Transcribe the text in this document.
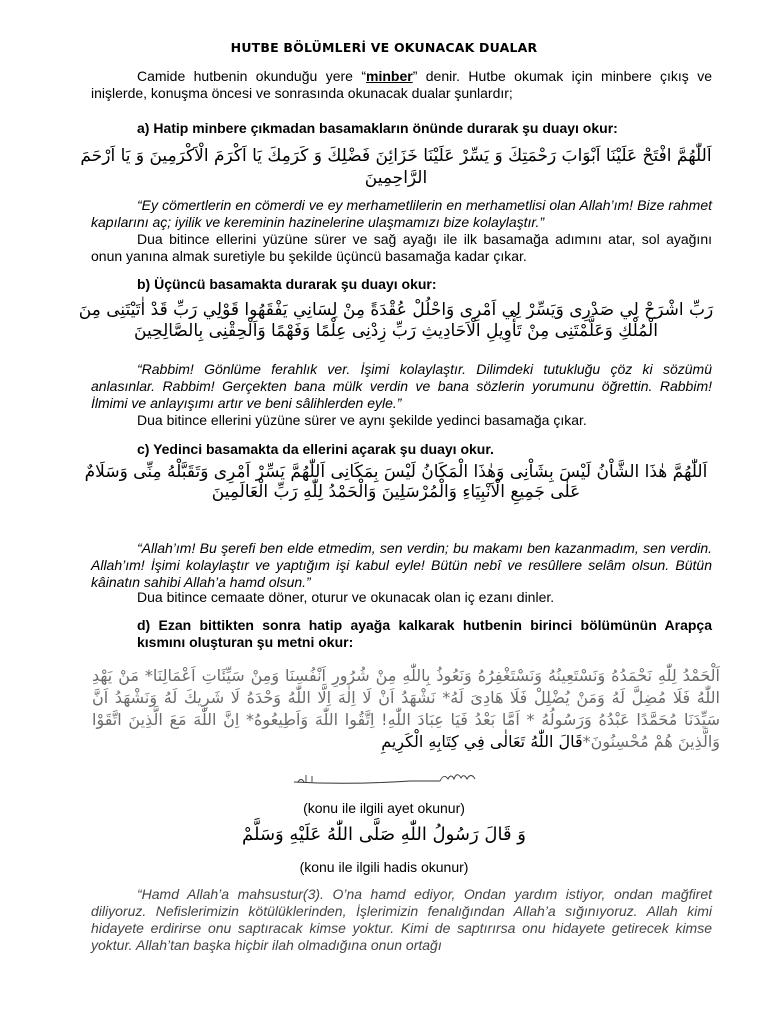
HUTBE BÖLÜMLERİ VE OKUNACAK DUALAR
Camide hutbenin okunduğu yere “minber” denir. Hutbe okumak için minbere çıkış ve inişlerde, konuşma öncesi ve sonrasında okunacak dualar şunlardır;
a) Hatip minbere çıkmadan basamakların önünde durarak şu duayı okur:
اَللّٰهُمَّ افْتَحْ عَلَيْنَا اَبْوَابَ رَحْمَتِكَ وَ يَسِّرْ عَلَيْنَا خَزَائِنَ فَضْلِكَ وَ كَرَمِكَ يَا اَكْرَمَ الْاَكْرَمِينَ وَ يَا اَرْحَمَ الرَّاحِمِينَ
“Ey cömertlerin en cömerdi ve ey merhametlilerin en merhametlisi olan Allah’ım! Bize rahmet kapılarını aç; iyilik ve kereminin hazinelerine ulaşmamızı bize kolaylaştır.”
Dua bitince ellerini yüzüne sürer ve sağ ayağı ile ilk basamağa adımını atar, sol ayağını onun yanına almak suretiyle bu şekilde üçüncü basamağa kadar çıkar.
b) Üçüncü basamakta durarak şu duayı okur:
رَبِّ اشْرَحْ لِي صَدْرِى وَيَسِّرْ لِي اَمْرِى وَاحْلُلْ عُقْدَةً مِنْ لِسَانِي يَفْقَهُوا قَوْلِي رَبِّ قَدْ اٰتَيْتَنِى مِنَ الْمُلْكِ وَعَلَّمْتَنِى مِنْ تَأْوِيلِ الْاَحَادِيثِ رَبِّ زِدْنِى عِلْمًا وَفَهْمًا وَاَلْحِقْنِى بِالصَّالِحِينَ
“Rabbim! Gönlüme ferahlık ver. İşimi kolaylaştır. Dilimdeki tutukluğu çöz ki sözümü anlasınlar. Rabbim! Gerçekten bana mülk verdin ve bana sözlerin yorumunu öğrettin. Rabbim! İlmimi ve anlayışımı artır ve beni sâlihlerden eyle.”
Dua bitince ellerini yüzüne sürer ve aynı şekilde yedinci basamağa çıkar.
c) Yedinci basamakta da ellerini açarak şu duayı okur.
اَللّٰهُمَّ هٰذَا الشَّاْنُ لَيْسَ بِشَاْنِى وَهٰذَا الْمَكَانُ لَيْسَ بِمَكَانِى اَللّٰهُمَّ يَسِّرْ اَمْرِى وَتَقَبَّلْهُ مِنِّى وَسَلَامٌ عَلٰى جَمِيعِ الْاَنْبِيَاءِ وَالْمُرْسَلِينَ وَالْحَمْدُ لِلّٰهِ رَبِّ الْعَالَمِينَ
“Allah’ım! Bu şerefi ben elde etmedim, sen verdin; bu makamı ben kazanmadım, sen verdin. Allah’ım! İşimi kolaylaştır ve yaptığım işi kabul eyle! Bütün nebî ve resûllere selâm olsun. Bütün kâinatın sahibi Allah’a hamd olsun.”
Dua bitince cemaate döner, oturur ve okunacak olan iç ezanı dinler.
d) Ezan bittikten sonra hatip ayağa kalkarak hutbenin birinci bölümünün Arapça kısmını oluşturan şu metni okur:
اَلْحَمْدُ لِلّٰهِ نَحْمَدُهُ وَنَسْتَعِينُهُ وَنَسْتَغْفِرُهُ وَنَعُوذُ بِاللّٰهِ مِنْ شُرُورِ اَنْفُسِنَا وَمِنْ سَيِّئَاتِ اَعْمَالِنَا* مَنْ يَهْدِ اللّٰهُ فَلَا مُضِلَّ لَهُ وَمَنْ يُضْلِلْ فَلَا هَادِىَ لَهُ* نَشْهَدُ اَنْ لَا اِلٰهَ اِلَّا اللّٰهُ وَحْدَهُ لَا شَرِيكَ لَهُ وَنَشْهَدُ اَنَّ سَيِّدَنَا مُحَمَّدًا عَبْدُهُ وَرَسُولُهُ * اَمَّا بَعْدُ فَيَا عِبَادَ اللّٰهِ! اِتَّقُوا اللّٰهَ وَاَطِيعُوهُ* اِنَّ اللّٰهَ مَعَ الَّذِينَ اتَّقَوْا وَالَّذِينَ هُمْ مُحْسِنُونَ*قَالَ اللّٰهُ تَعَالٰى فِي كِتَابِهِ الْكَرِيمِ
(konu ile ilgili ayet okunur)
وَ قَالَ رَسُولُ اللّٰهِ صَلَّى اللّٰهُ عَلَيْهِ وَسَلَّمْ
(konu ile ilgili hadis okunur)
“Hamd Allah’a mahsustur(3). O’na hamd ediyor, Ondan yardım istiyor, ondan mağfiret diliyoruz. Nefislerimizin kötülüklerinden, İşlerimizin fenalığından Allah’a sığınıyoruz. Allah kimi hidayete erdirirse onu saptıracak kimse yoktur. Kimi de saptırırsa onu hidayete getirecek kimse yoktur. Allah’tan başka hiçbir ilah olmadığına onun ortağı
